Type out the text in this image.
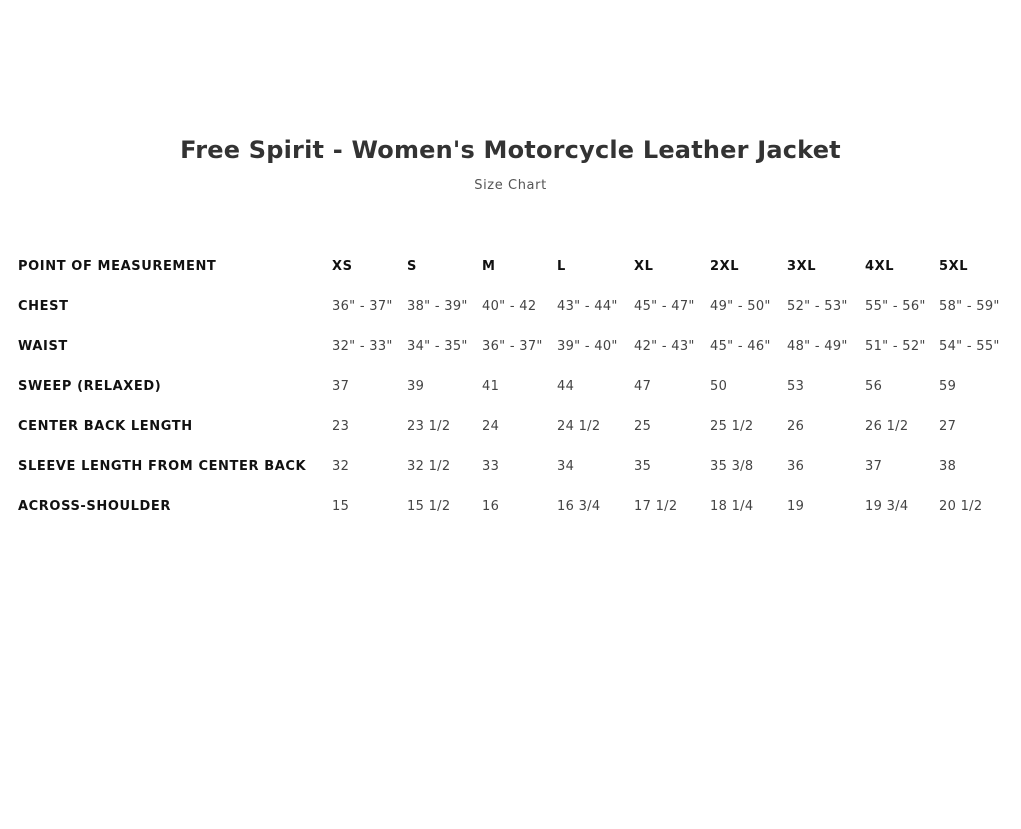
Free Spirit - Women's Motorcycle Leather Jacket
Size Chart
POINT OF MEASUREMENT	XS	S	M	L	XL	2XL	3XL	4XL	5XL
CHEST	36" - 37"	38" - 39"	40" - 42	43" - 44"	45" - 47"	49" - 50"	52" - 53"	55" - 56"	58" - 59"
WAIST	32" - 33"	34" - 35"	36" - 37"	39" - 40"	42" - 43"	45" - 46"	48" - 49"	51" - 52"	54" - 55"
SWEEP (RELAXED)	37	39	41	44	47	50	53	56	59
CENTER BACK LENGTH	23	23 1/2	24	24 1/2	25	25 1/2	26	26 1/2	27
SLEEVE LENGTH FROM CENTER BACK	32	32 1/2	33	34	35	35 3/8	36	37	38
ACROSS-SHOULDER	15	15 1/2	16	16 3/4	17 1/2	18 1/4	19	19 3/4	20 1/2
